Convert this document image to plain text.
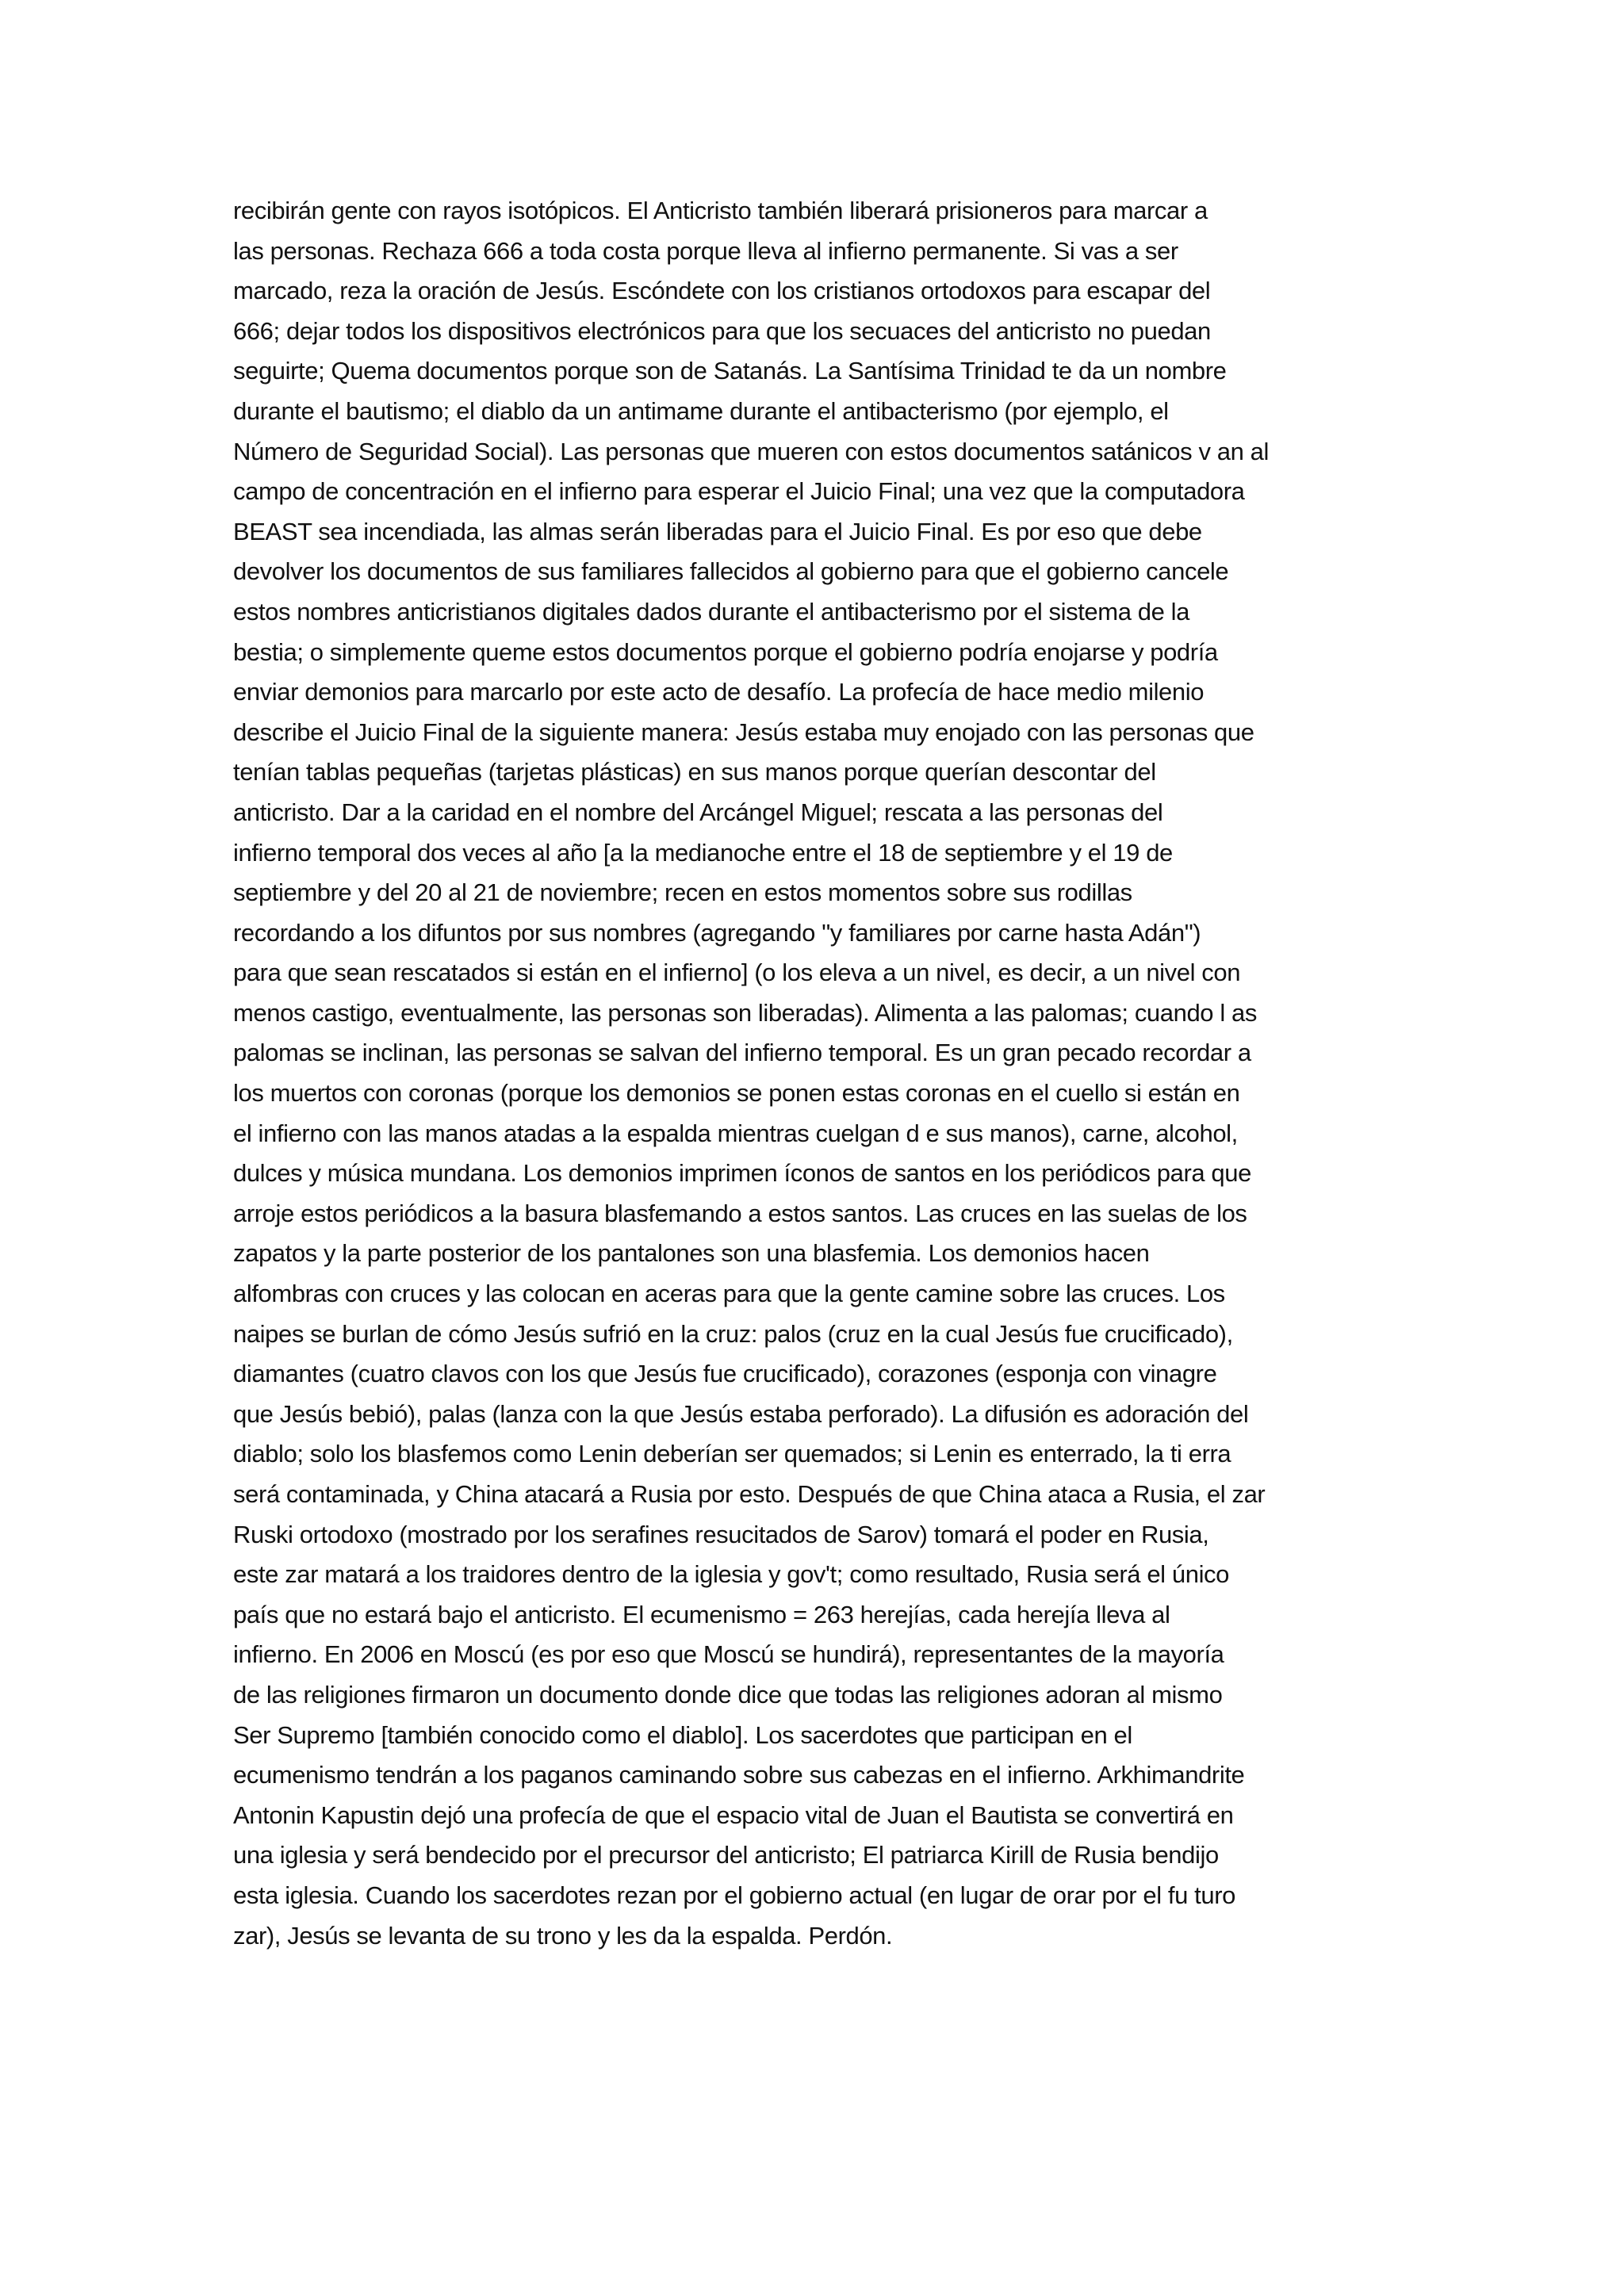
recibirán gente con rayos isotópicos. El Anticristo también liberará prisioneros para marcar a
las personas. Rechaza 666 a toda costa porque lleva al infierno permanente. Si vas a ser
marcado, reza la oración de Jesús. Escóndete con los cristianos ortodoxos para escapar del
666; dejar todos los dispositivos electrónicos para que los secuaces del anticristo no puedan
seguirte; Quema documentos porque son de Satanás. La Santísima Trinidad te da un nombre
durante el bautismo; el diablo da un antimame durante el antibacterismo (por ejemplo, el
Número de Seguridad Social). Las personas que mueren con estos documentos satánicos v an al
campo de concentración en el infierno para esperar el Juicio Final; una vez que la computadora
BEAST sea incendiada, las almas serán liberadas para el Juicio Final. Es por eso que debe
devolver los documentos de sus familiares fallecidos al gobierno para que el gobierno cancele
estos nombres anticristianos digitales dados durante el antibacterismo por el sistema de la
bestia; o simplemente queme estos documentos porque el gobierno podría enojarse y podría
enviar demonios para marcarlo por este acto de desafío. La profecía de hace medio milenio
describe el Juicio Final de la siguiente manera: Jesús estaba muy enojado con las personas que
tenían tablas pequeñas (tarjetas plásticas) en sus manos porque querían descontar del
anticristo. Dar a la caridad en el nombre del Arcángel Miguel; rescata a las personas del
infierno temporal dos veces al año [a la medianoche entre el 18 de septiembre y el 19 de
septiembre y del 20 al 21 de noviembre; recen en estos momentos sobre sus rodillas
recordando a los difuntos por sus nombres (agregando "y familiares por carne hasta Adán")
para que sean rescatados si están en el infierno] (o los eleva a un nivel, es decir, a un nivel con
menos castigo, eventualmente, las personas son liberadas). Alimenta a las palomas; cuando l as
palomas se inclinan, las personas se salvan del infierno temporal. Es un gran pecado recordar a
los muertos con coronas (porque los demonios se ponen estas coronas en el cuello si están en
el infierno con las manos atadas a la espalda mientras cuelgan d e sus manos), carne, alcohol,
dulces y música mundana. Los demonios imprimen íconos de santos en los periódicos para que
arroje estos periódicos a la basura blasfemando a estos santos. Las cruces en las suelas de los
zapatos y la parte posterior de los pantalones son una blasfemia. Los demonios hacen
alfombras con cruces y las colocan en aceras para que la gente camine sobre las cruces. Los
naipes se burlan de cómo Jesús sufrió en la cruz: palos (cruz en la cual Jesús fue crucificado),
diamantes (cuatro clavos con los que Jesús fue crucificado), corazones (esponja con vinagre
que Jesús bebió), palas (lanza con la que Jesús estaba perforado). La difusión es adoración del
diablo; solo los blasfemos como Lenin deberían ser quemados; si Lenin es enterrado, la ti erra
será contaminada, y China atacará a Rusia por esto. Después de que China ataca a Rusia, el zar
Ruski ortodoxo (mostrado por los serafines resucitados de Sarov) tomará el poder en Rusia,
este zar matará a los traidores dentro de la iglesia y gov't; como resultado, Rusia será el único
país que no estará bajo el anticristo. El ecumenismo = 263 herejías, cada herejía lleva al
infierno. En 2006 en Moscú (es por eso que Moscú se hundirá), representantes de la mayoría
de las religiones firmaron un documento donde dice que todas las religiones adoran al mismo
Ser Supremo [también conocido como el diablo]. Los sacerdotes que participan en el
ecumenismo tendrán a los paganos caminando sobre sus cabezas en el infierno. Arkhimandrite
Antonin Kapustin dejó una profecía de que el espacio vital de Juan el Bautista se convertirá en
una iglesia y será bendecido por el precursor del anticristo; El patriarca Kirill de Rusia bendijo
esta iglesia. Cuando los sacerdotes rezan por el gobierno actual (en lugar de orar por el fu turo
zar), Jesús se levanta de su trono y les da la espalda. Perdón.
